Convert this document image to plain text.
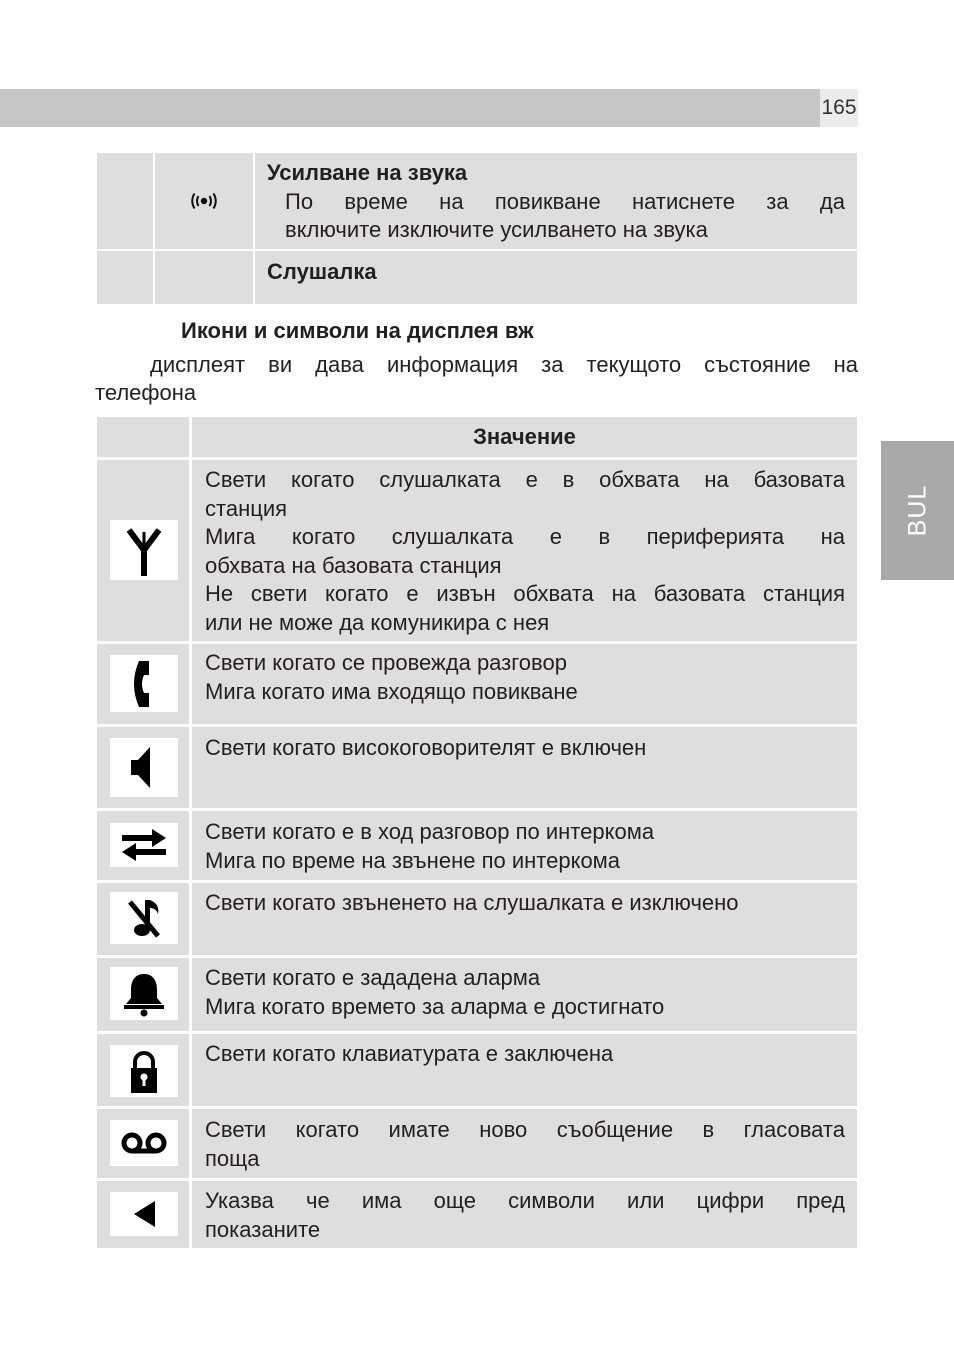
165
BUL
Усилване на звука
По време на повикване натиснете за да
включите изключите усилването на звука
Слушалка
Икони и символи на дисплея вж
дисплеят ви дава информация за текущото състояние на
телефона
Значение
Свети когато слушалката е в обхвата на базовата
станция
Мига когато слушалката е в периферията на
обхвата на базовата станция
Не свети когато е извън обхвата на базовата станция
или не може да комуникира с нея
Свети когато се провежда разговор
Мига когато има входящо повикване
Свети когато високоговорителят е включен
Свети когато е в ход разговор по интеркома
Мига по време на звънене по интеркома
Свети когато звъненето на слушалката е изключено
Свети когато е зададена аларма
Мига когато времето за аларма е достигнато
Свети когато клавиатурата е заключена
Свети когато имате ново съобщение в гласовата
поща
Указва че има още символи или цифри пред
показаните
